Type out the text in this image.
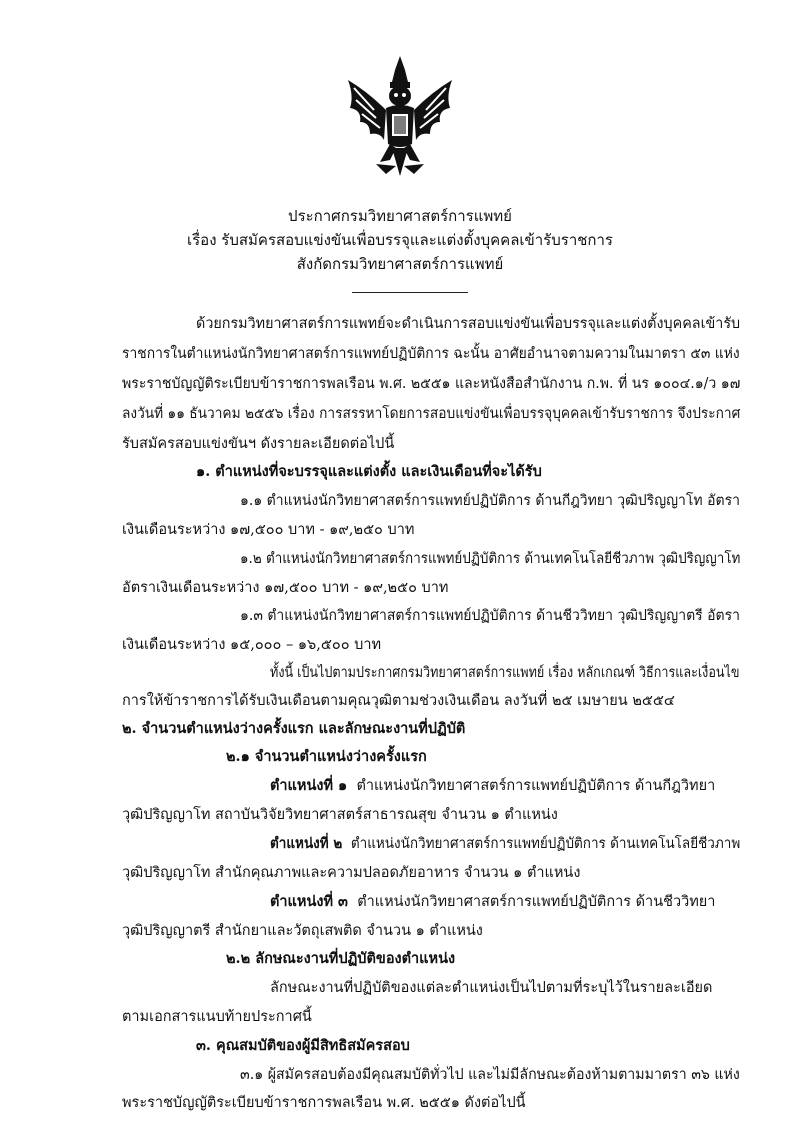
ประกาศกรมวิทยาศาสตร์การแพทย์
เรื่อง รับสมัครสอบแข่งขันเพื่อบรรจุและแต่งตั้งบุคคลเข้ารับราชการ
สังกัดกรมวิทยาศาสตร์การแพทย์
ด้วยกรมวิทยาศาสตร์การแพทย์จะดำเนินการสอบแข่งขันเพื่อบรรจุและแต่งตั้งบุคคลเข้ารับ
ราชการในตำแหน่งนักวิทยาศาสตร์การแพทย์ปฏิบัติการ ฉะนั้น อาศัยอำนาจตามความในมาตรา ๕๓ แห่ง
พระราชบัญญัติระเบียบข้าราชการพลเรือน พ.ศ. ๒๕๕๑ และหนังสือสำนักงาน ก.พ. ที่ นร ๑๐๐๔.๑/ว ๑๗
ลงวันที่ ๑๑ ธันวาคม ๒๕๕๖ เรื่อง การสรรหาโดยการสอบแข่งขันเพื่อบรรจุบุคคลเข้ารับราชการ จึงประกาศ
รับสมัครสอบแข่งขันฯ ดังรายละเอียดต่อไปนี้
๑. ตำแหน่งที่จะบรรจุและแต่งตั้ง และเงินเดือนที่จะได้รับ
๑.๑ ตำแหน่งนักวิทยาศาสตร์การแพทย์ปฏิบัติการ ด้านกีฎวิทยา วุฒิปริญญาโท อัตรา
เงินเดือนระหว่าง ๑๗,๕๐๐ บาท - ๑๙,๒๕๐ บาท
๑.๒ ตำแหน่งนักวิทยาศาสตร์การแพทย์ปฏิบัติการ ด้านเทคโนโลยีชีวภาพ วุฒิปริญญาโท
อัตราเงินเดือนระหว่าง ๑๗,๕๐๐ บาท - ๑๙,๒๕๐ บาท
๑.๓ ตำแหน่งนักวิทยาศาสตร์การแพทย์ปฏิบัติการ ด้านชีววิทยา วุฒิปริญญาตรี อัตรา
เงินเดือนระหว่าง ๑๕,๐๐๐ – ๑๖,๕๐๐ บาท
ทั้งนี้ เป็นไปตามประกาศกรมวิทยาศาสตร์การแพทย์ เรื่อง หลักเกณฑ์ วิธีการและเงื่อนไข
การให้ข้าราชการได้รับเงินเดือนตามคุณวุฒิตามช่วงเงินเดือน ลงวันที่ ๒๕ เมษายน ๒๕๕๔
๒. จำนวนตำแหน่งว่างครั้งแรก และลักษณะงานที่ปฏิบัติ
๒.๑ จำนวนตำแหน่งว่างครั้งแรก
ตำแหน่งที่ ๑ ตำแหน่งนักวิทยาศาสตร์การแพทย์ปฏิบัติการ ด้านกีฎวิทยา
วุฒิปริญญาโท สถาบันวิจัยวิทยาศาสตร์สาธารณสุข จำนวน ๑ ตำแหน่ง
ตำแหน่งที่ ๒ ตำแหน่งนักวิทยาศาสตร์การแพทย์ปฏิบัติการ ด้านเทคโนโลยีชีวภาพ
วุฒิปริญญาโท สำนักคุณภาพและความปลอดภัยอาหาร จำนวน ๑ ตำแหน่ง
ตำแหน่งที่ ๓ ตำแหน่งนักวิทยาศาสตร์การแพทย์ปฏิบัติการ ด้านชีววิทยา
วุฒิปริญญาตรี สำนักยาและวัตถุเสพติด จำนวน ๑ ตำแหน่ง
๒.๒ ลักษณะงานที่ปฏิบัติของตำแหน่ง
ลักษณะงานที่ปฏิบัติของแต่ละตำแหน่งเป็นไปตามที่ระบุไว้ในรายละเอียด
ตามเอกสารแนบท้ายประกาศนี้
๓. คุณสมบัติของผู้มีสิทธิสมัครสอบ
๓.๑ ผู้สมัครสอบต้องมีคุณสมบัติทั่วไป และไม่มีลักษณะต้องห้ามตามมาตรา ๓๖ แห่ง
พระราชบัญญัติระเบียบข้าราชการพลเรือน พ.ศ. ๒๕๕๑ ดังต่อไปนี้
